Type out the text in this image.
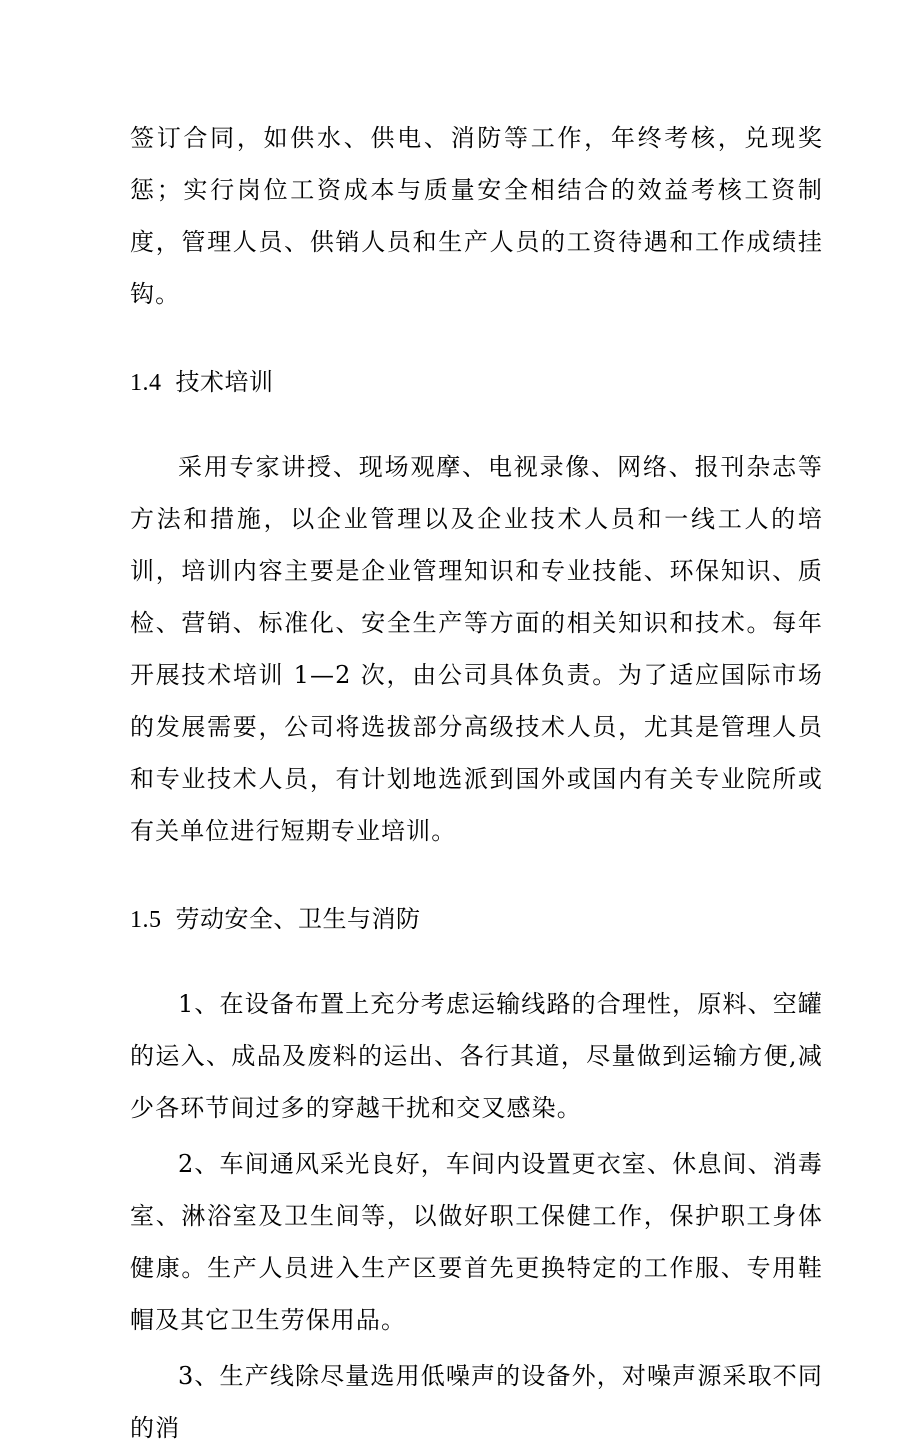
签订合同，如供水、供电、消防等工作，年终考核，兑现奖惩；实行岗位工资成本与质量安全相结合的效益考核工资制度，管理人员、供销人员和生产人员的工资待遇和工作成绩挂钩。

1.4 技术培训

采用专家讲授、现场观摩、电视录像、网络、报刊杂志等方法和措施，以企业管理以及企业技术人员和一线工人的培训，培训内容主要是企业管理知识和专业技能、环保知识、质检、营销、标准化、安全生产等方面的相关知识和技术。每年开展技术培训 1—2 次，由公司具体负责。为了适应国际市场的发展需要，公司将选拔部分高级技术人员，尤其是管理人员和专业技术人员，有计划地选派到国外或国内有关专业院所或有关单位进行短期专业培训。

1.5 劳动安全、卫生与消防

1、在设备布置上充分考虑运输线路的合理性，原料、空罐的运入、成品及废料的运出、各行其道，尽量做到运输方便,减少各环节间过多的穿越干扰和交叉感染。

2、车间通风采光良好，车间内设置更衣室、休息间、消毒室、淋浴室及卫生间等，以做好职工保健工作，保护职工身体健康。生产人员进入生产区要首先更换特定的工作服、专用鞋帽及其它卫生劳保用品。

3、生产线除尽量选用低噪声的设备外，对噪声源采取不同的消
